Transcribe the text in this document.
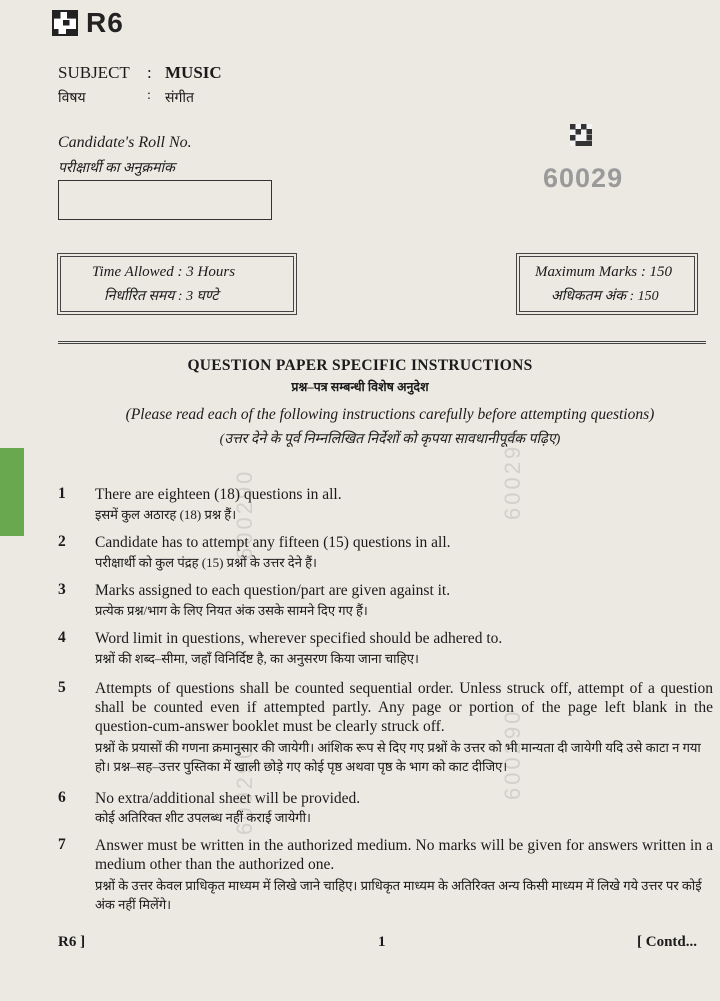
R6
SUBJECT : MUSIC
विषय	: संगीत
Candidate's Roll No.
परीक्षार्थी का अनुक्रमांक	60029
Time Allowed : 3 Hours
निर्धारित समय : 3 घण्टे
Maximum Marks : 150
अधिकतम अंक : 150
QUESTION PAPER SPECIFIC INSTRUCTIONS
प्रश्न–पत्र सम्बन्धी विशेष अनुदेश
(Please read each of the following instructions carefully before attempting questions)
(उत्तर देने के पूर्व निम्नलिखित निर्देशों को कृपया सावधानीपूर्वक पढ़िए)
600290	600290
600290	600290
1 There are eighteen (18) questions in all.
इसमें कुल अठारह (18) प्रश्न हैं।
2 Candidate has to attempt any fifteen (15) questions in all.
परीक्षार्थी को कुल पंद्रह (15) प्रश्नों के उत्तर देने हैं।
3 Marks assigned to each question/part are given against it.
प्रत्येक प्रश्न/भाग के लिए नियत अंक उसके सामने दिए गए हैं।
4 Word limit in questions, wherever specified should be adhered to.
प्रश्नों की शब्द–सीमा, जहाँ विनिर्दिष्ट है, का अनुसरण किया जाना चाहिए।
5 Attempts of questions shall be counted sequential order. Unless struck off, attempt of a question shall be counted even if attempted partly. Any page or portion of the page left blank in the question-cum-answer booklet must be clearly struck off.
प्रश्नों के प्रयासों की गणना क्रमानुसार की जायेगी। आंशिक रूप से दिए गए प्रश्नों के उत्तर को भी मान्यता दी जायेगी यदि उसे काटा न गया हो। प्रश्न–सह–उत्तर पुस्तिका में खाली छोड़े गए कोई पृष्ठ अथवा पृष्ठ के भाग को काट दीजिए।
6 No extra/additional sheet will be provided.
कोई अतिरिक्त शीट उपलब्ध नहीं कराई जायेगी।
7 Answer must be written in the authorized medium. No marks will be given for answers written in a medium other than the authorized one.
प्रश्नों के उत्तर केवल प्राधिकृत माध्यम में लिखे जाने चाहिए। प्राधिकृत माध्यम के अतिरिक्त अन्य किसी माध्यम में लिखे गये उत्तर पर कोई अंक नहीं मिलेंगे।
R6 ]	1	[ Contd...
